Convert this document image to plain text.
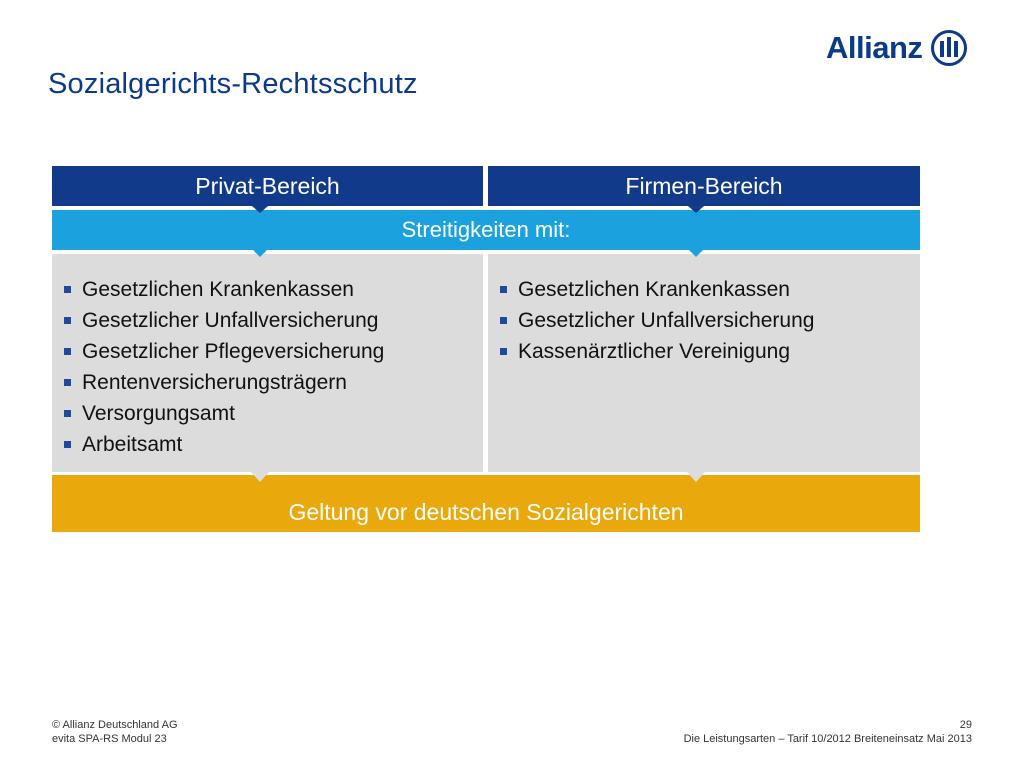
Sozialgerichts-Rechtsschutz
Allianz
Privat-Bereich	Firmen-Bereich
Streitigkeiten mit:
Gesetzlichen Krankenkassen
Gesetzlicher Unfallversicherung
Gesetzlicher Pflegeversicherung
Rentenversicherungsträgern
Versorgungsamt
Arbeitsamt
Gesetzlichen Krankenkassen
Gesetzlicher Unfallversicherung
Kassenärztlicher Vereinigung
Geltung vor deutschen Sozialgerichten
© Allianz Deutschland AG
evita SPA-RS Modul 23
29
Die Leistungsarten – Tarif 10/2012 Breiteneinsatz Mai 2013
